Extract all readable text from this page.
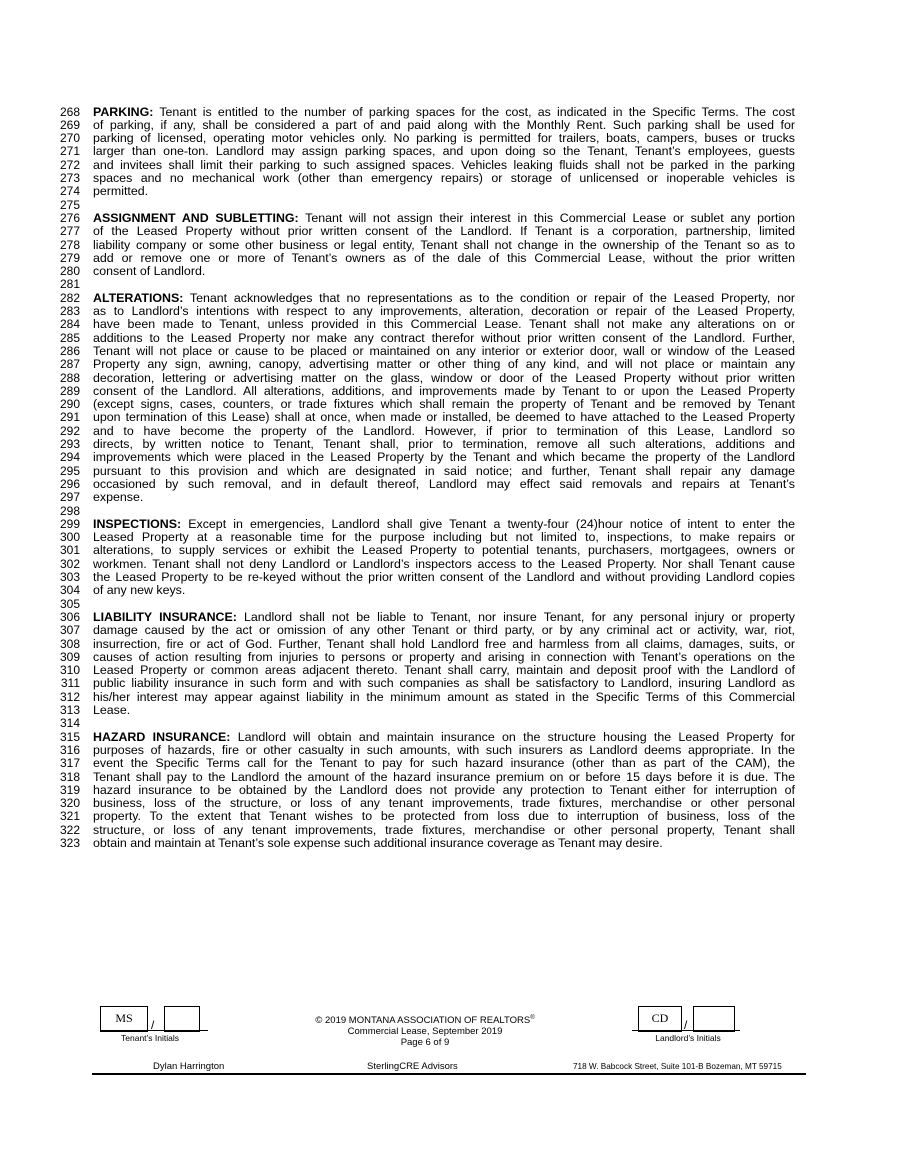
268 PARKING: Tenant is entitled to the number of parking spaces for the cost, as indicated in the Specific Terms. The cost
269 of parking, if any, shall be considered a part of and paid along with the Monthly Rent. Such parking shall be used for
270 parking of licensed, operating motor vehicles only. No parking is permitted for trailers, boats, campers, buses or trucks
271 larger than one-ton. Landlord may assign parking spaces, and upon doing so the Tenant, Tenant’s employees, guests
272 and invitees shall limit their parking to such assigned spaces. Vehicles leaking fluids shall not be parked in the parking
273 spaces and no mechanical work (other than emergency repairs) or storage of unlicensed or inoperable vehicles is
274 permitted.
275
276 ASSIGNMENT AND SUBLETTING: Tenant will not assign their interest in this Commercial Lease or sublet any portion
277 of the Leased Property without prior written consent of the Landlord. If Tenant is a corporation, partnership, limited
278 liability company or some other business or legal entity, Tenant shall not change in the ownership of the Tenant so as to
279 add or remove one or more of Tenant’s owners as of the dale of this Commercial Lease, without the prior written
280 consent of Landlord.
281
282 ALTERATIONS: Tenant acknowledges that no representations as to the condition or repair of the Leased Property, nor
283 as to Landlord’s intentions with respect to any improvements, alteration, decoration or repair of the Leased Property,
284 have been made to Tenant, unless provided in this Commercial Lease. Tenant shall not make any alterations on or
285 additions to the Leased Property nor make any contract therefor without prior written consent of the Landlord. Further,
286 Tenant will not place or cause to be placed or maintained on any interior or exterior door, wall or window of the Leased
287 Property any sign, awning, canopy, advertising matter or other thing of any kind, and will not place or maintain any
288 decoration, lettering or advertising matter on the glass, window or door of the Leased Property without prior written
289 consent of the Landlord. All alterations, additions, and improvements made by Tenant to or upon the Leased Property
290 (except signs, cases, counters, or trade fixtures which shall remain the property of Tenant and be removed by Tenant
291 upon termination of this Lease) shall at once, when made or installed, be deemed to have attached to the Leased Property
292 and to have become the property of the Landlord. However, if prior to termination of this Lease, Landlord so
293 directs, by written notice to Tenant, Tenant shall, prior to termination, remove all such alterations, additions and
294 improvements which were placed in the Leased Property by the Tenant and which became the property of the Landlord
295 pursuant to this provision and which are designated in said notice; and further, Tenant shall repair any damage
296 occasioned by such removal, and in default thereof, Landlord may effect said removals and repairs at Tenant’s
297 expense.
298
299 INSPECTIONS: Except in emergencies, Landlord shall give Tenant a twenty-four (24)hour notice of intent to enter the
300 Leased Property at a reasonable time for the purpose including but not limited to, inspections, to make repairs or
301 alterations, to supply services or exhibit the Leased Property to potential tenants, purchasers, mortgagees, owners or
302 workmen. Tenant shall not deny Landlord or Landlord’s inspectors access to the Leased Property. Nor shall Tenant cause
303 the Leased Property to be re-keyed without the prior written consent of the Landlord and without providing Landlord copies
304 of any new keys.
305
306 LIABILITY INSURANCE: Landlord shall not be liable to Tenant, nor insure Tenant, for any personal injury or property
307 damage caused by the act or omission of any other Tenant or third party, or by any criminal act or activity, war, riot,
308 insurrection, fire or act of God. Further, Tenant shall hold Landlord free and harmless from all claims, damages, suits, or
309 causes of action resulting from injuries to persons or property and arising in connection with Tenant’s operations on the
310 Leased Property or common areas adjacent thereto. Tenant shall carry, maintain and deposit proof with the Landlord of
311 public liability insurance in such form and with such companies as shall be satisfactory to Landlord, insuring Landlord as
312 his/her interest may appear against liability in the minimum amount as stated in the Specific Terms of this Commercial
313 Lease.
314
315 HAZARD INSURANCE: Landlord will obtain and maintain insurance on the structure housing the Leased Property for
316 purposes of hazards, fire or other casualty in such amounts, with such insurers as Landlord deems appropriate. In the
317 event the Specific Terms call for the Tenant to pay for such hazard insurance (other than as part of the CAM), the
318 Tenant shall pay to the Landlord the amount of the hazard insurance premium on or before 15 days before it is due. The
319 hazard insurance to be obtained by the Landlord does not provide any protection to Tenant either for interruption of
320 business, loss of the structure, or loss of any tenant improvements, trade fixtures, merchandise or other personal
321 property. To the extent that Tenant wishes to be protected from loss due to interruption of business, loss of the
322 structure, or loss of any tenant improvements, trade fixtures, merchandise or other personal property, Tenant shall
323 obtain and maintain at Tenant’s sole expense such additional insurance coverage as Tenant may desire.
MS	/
Tenant’s Initials
© 2019 MONTANA ASSOCIATION OF REALTORS®
Commercial Lease, September 2019
Page 6 of 9
CD	/
Landlord’s Initials
Dylan Harrington	SterlingCRE Advisors	718 W. Babcock Street, Suite 101-B Bozeman, MT 59715
